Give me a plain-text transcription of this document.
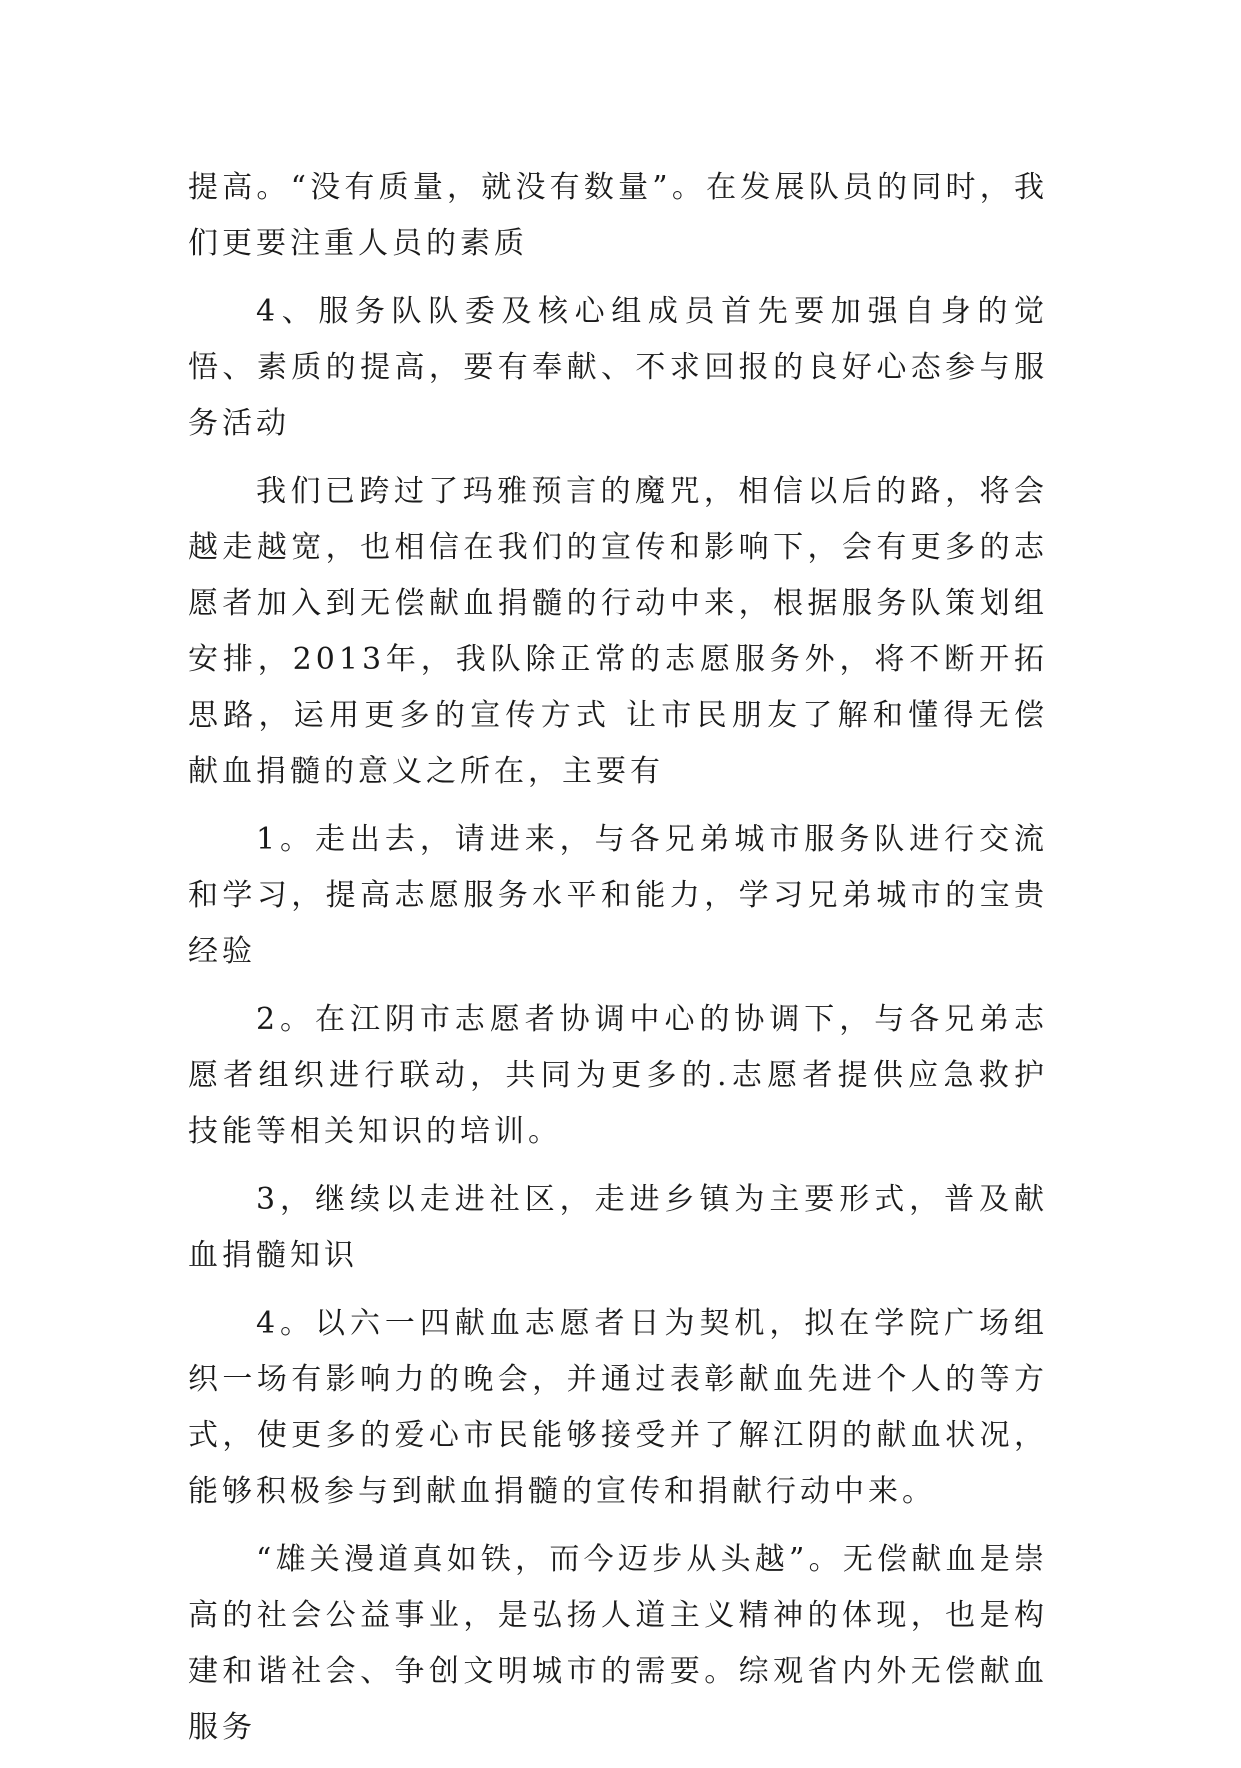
提高。“没有质量，就没有数量”。在发展队员的同时，我们更要注重人员的素质

4、服务队队委及核心组成员首先要加强自身的觉悟、素质的提高，要有奉献、不求回报的良好心态参与服务活动

我们已跨过了玛雅预言的魔咒，相信以后的路，将会越走越宽，也相信在我们的宣传和影响下，会有更多的志愿者加入到无偿献血捐髓的行动中来，根据服务队策划组安排，2013年，我队除正常的志愿服务外，将不断开拓思路，运用更多的宣传方式 让市民朋友了解和懂得无偿献血捐髓的意义之所在，主要有

1。走出去，请进来，与各兄弟城市服务队进行交流和学习，提高志愿服务水平和能力，学习兄弟城市的宝贵经验

2。在江阴市志愿者协调中心的协调下，与各兄弟志愿者组织进行联动，共同为更多的.志愿者提供应急救护技能等相关知识的培训。

3，继续以走进社区，走进乡镇为主要形式，普及献血捐髓知识

4。以六一四献血志愿者日为契机，拟在学院广场组织一场有影响力的晚会，并通过表彰献血先进个人的等方式，使更多的爱心市民能够接受并了解江阴的献血状况，能够积极参与到献血捐髓的宣传和捐献行动中来。

“雄关漫道真如铁，而今迈步从头越”。无偿献血是崇高的社会公益事业，是弘扬人道主义精神的体现，也是构建和谐社会、争创文明城市的需要。综观省内外无偿献血服务
